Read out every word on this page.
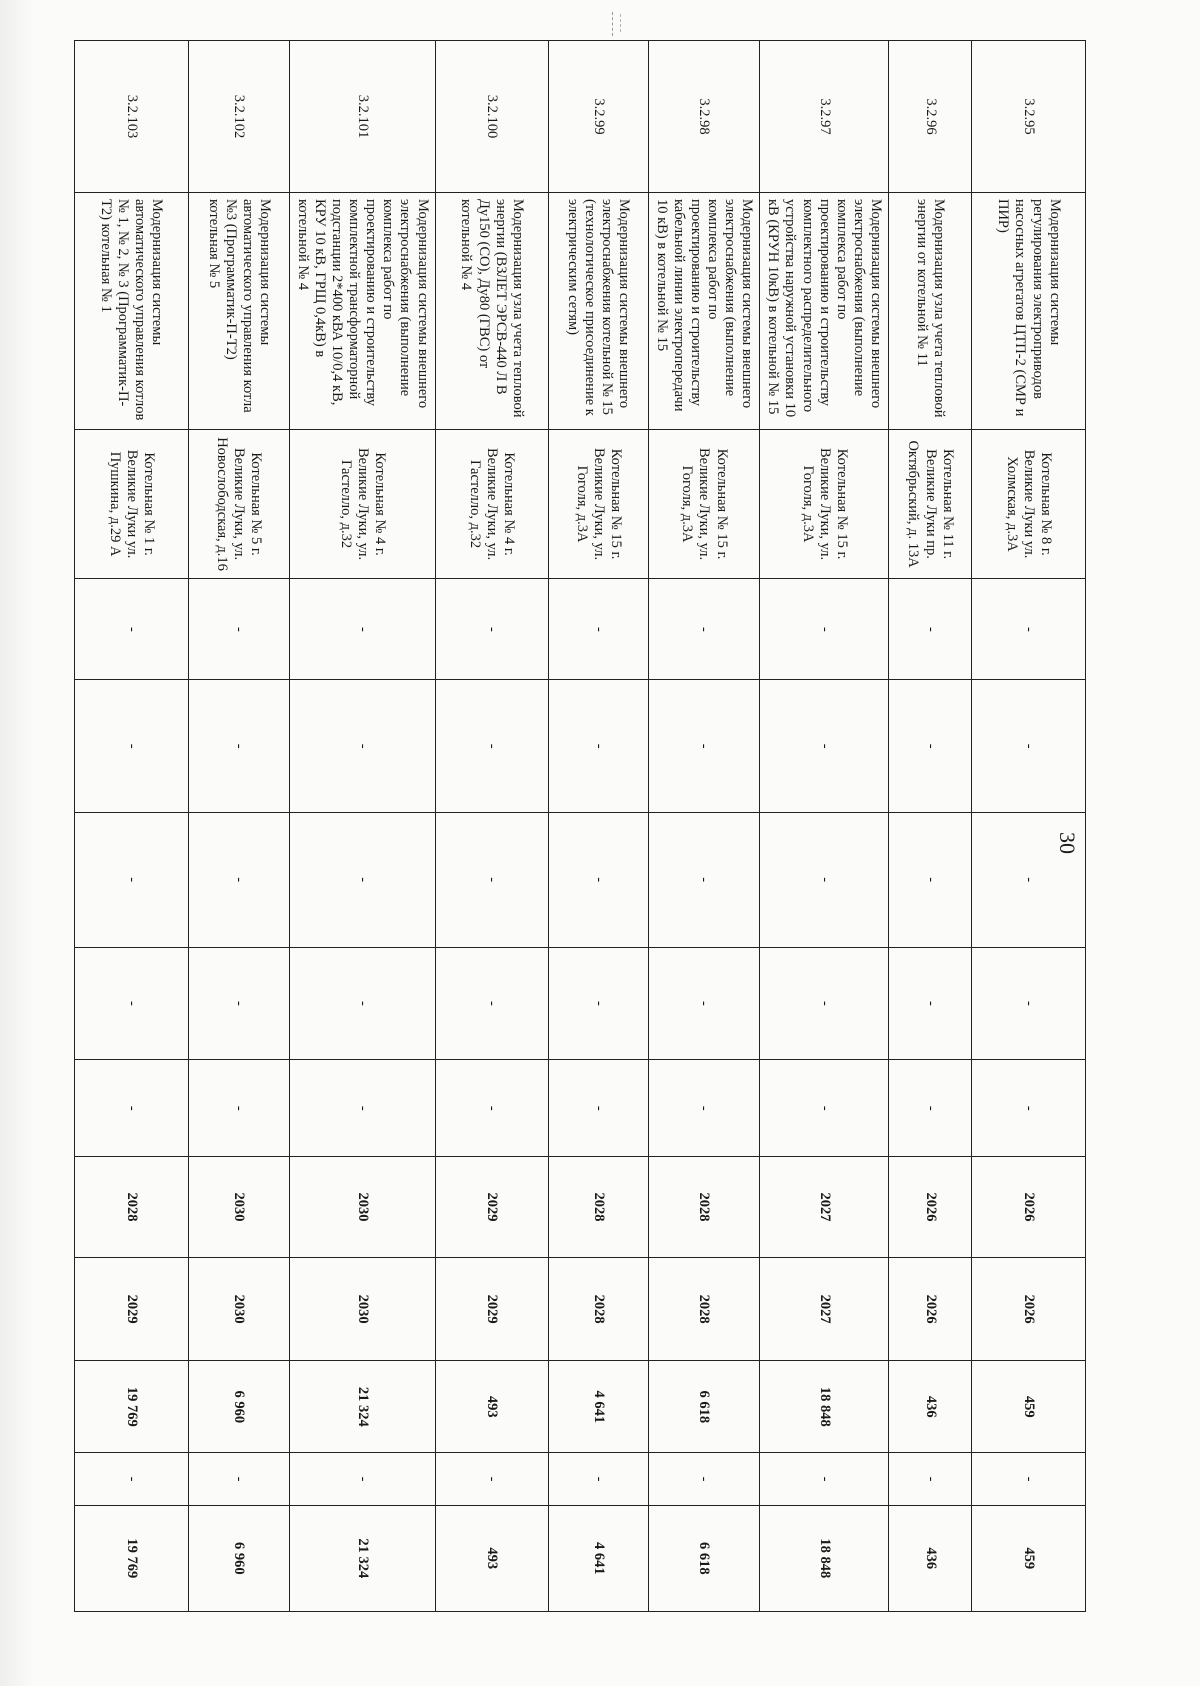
30
3.2.95	Модернизация системы регулирования электроприводов насосных агрегатов ЦТП-2 (СМР и ПИР)	Котельная № 8 г. Великие Луки ул. Холмская, д.3А	-	-	-	-	-	2026	2026	459	-	459
3.2.96	Модернизация узла учета тепловой энергии от котельной № 11	Котельная № 11 г. Великие Луки пр. Октябрьский, д. 13А	-	-	-	-	-	2026	2026	436	-	436
3.2.97	Модернизация системы внешнего электроснабжения (выполнение комплекса работ по проектированию и строительству комплектного распределительного устройства наружной установки 10 кВ (КРУН 10кВ) в котельной № 15	Котельная № 15 г. Великие Луки, ул. Гоголя, д.3А	-	-	-	-	-	2027	2027	18 848	-	18 848
3.2.98	Модернизация системы внешнего электроснабжения (выполнение комплекса работ по проектированию и строительству кабельной линии электропередачи 10 кВ) в котельной № 15	Котельная № 15 г. Великие Луки, ул. Гоголя, д.3А	-	-	-	-	-	2028	2028	6 618	-	6 618
3.2.99	Модернизация системы внешнего электроснабжения котельной № 15 (технологическое присоединение к электрическим сетям)	Котельная № 15 г. Великие Луки, ул. Гоголя, д.3А	-	-	-	-	-	2028	2028	4 641	-	4 641
3.2.100	Модернизация узла учета тепловой энергии (ВЗЛЕТ ЭРСВ-440 Л В Ду150 (СО), Ду80 (ГВС) от котельной № 4	Котельная № 4 г. Великие Луки, ул. Гастелло, д.32	-	-	-	-	-	2029	2029	493	-	493
3.2.101	Модернизация системы внешнего электроснабжения (выполнение комплекса работ по проектированию и строительству комплектной трансформаторной подстанции 2*400 кВА 10/0,4 кВ, КРУ 10 кВ, ГРЩ 0,4кВ) в котельной № 4	Котельная № 4 г. Великие Луки, ул. Гастелло, д.32	-	-	-	-	-	2030	2030	21 324	-	21 324
3.2.102	Модернизация системы автоматического управления котла №3 (Программатик-П-Т2) котельная № 5	Котельная № 5 г. Великие Луки, ул. Новослободская, д.16	-	-	-	-	-	2030	2030	6 960	-	6 960
3.2.103	Модернизация системы автоматического управления котлов № 1, № 2, № 3 (Программатик-П-Т2) котельная № 1	Котельная № 1 г. Великие Луки ул. Пушкина, д.29 А	-	-	-	-	-	2028	2029	19 769	-	19 769
